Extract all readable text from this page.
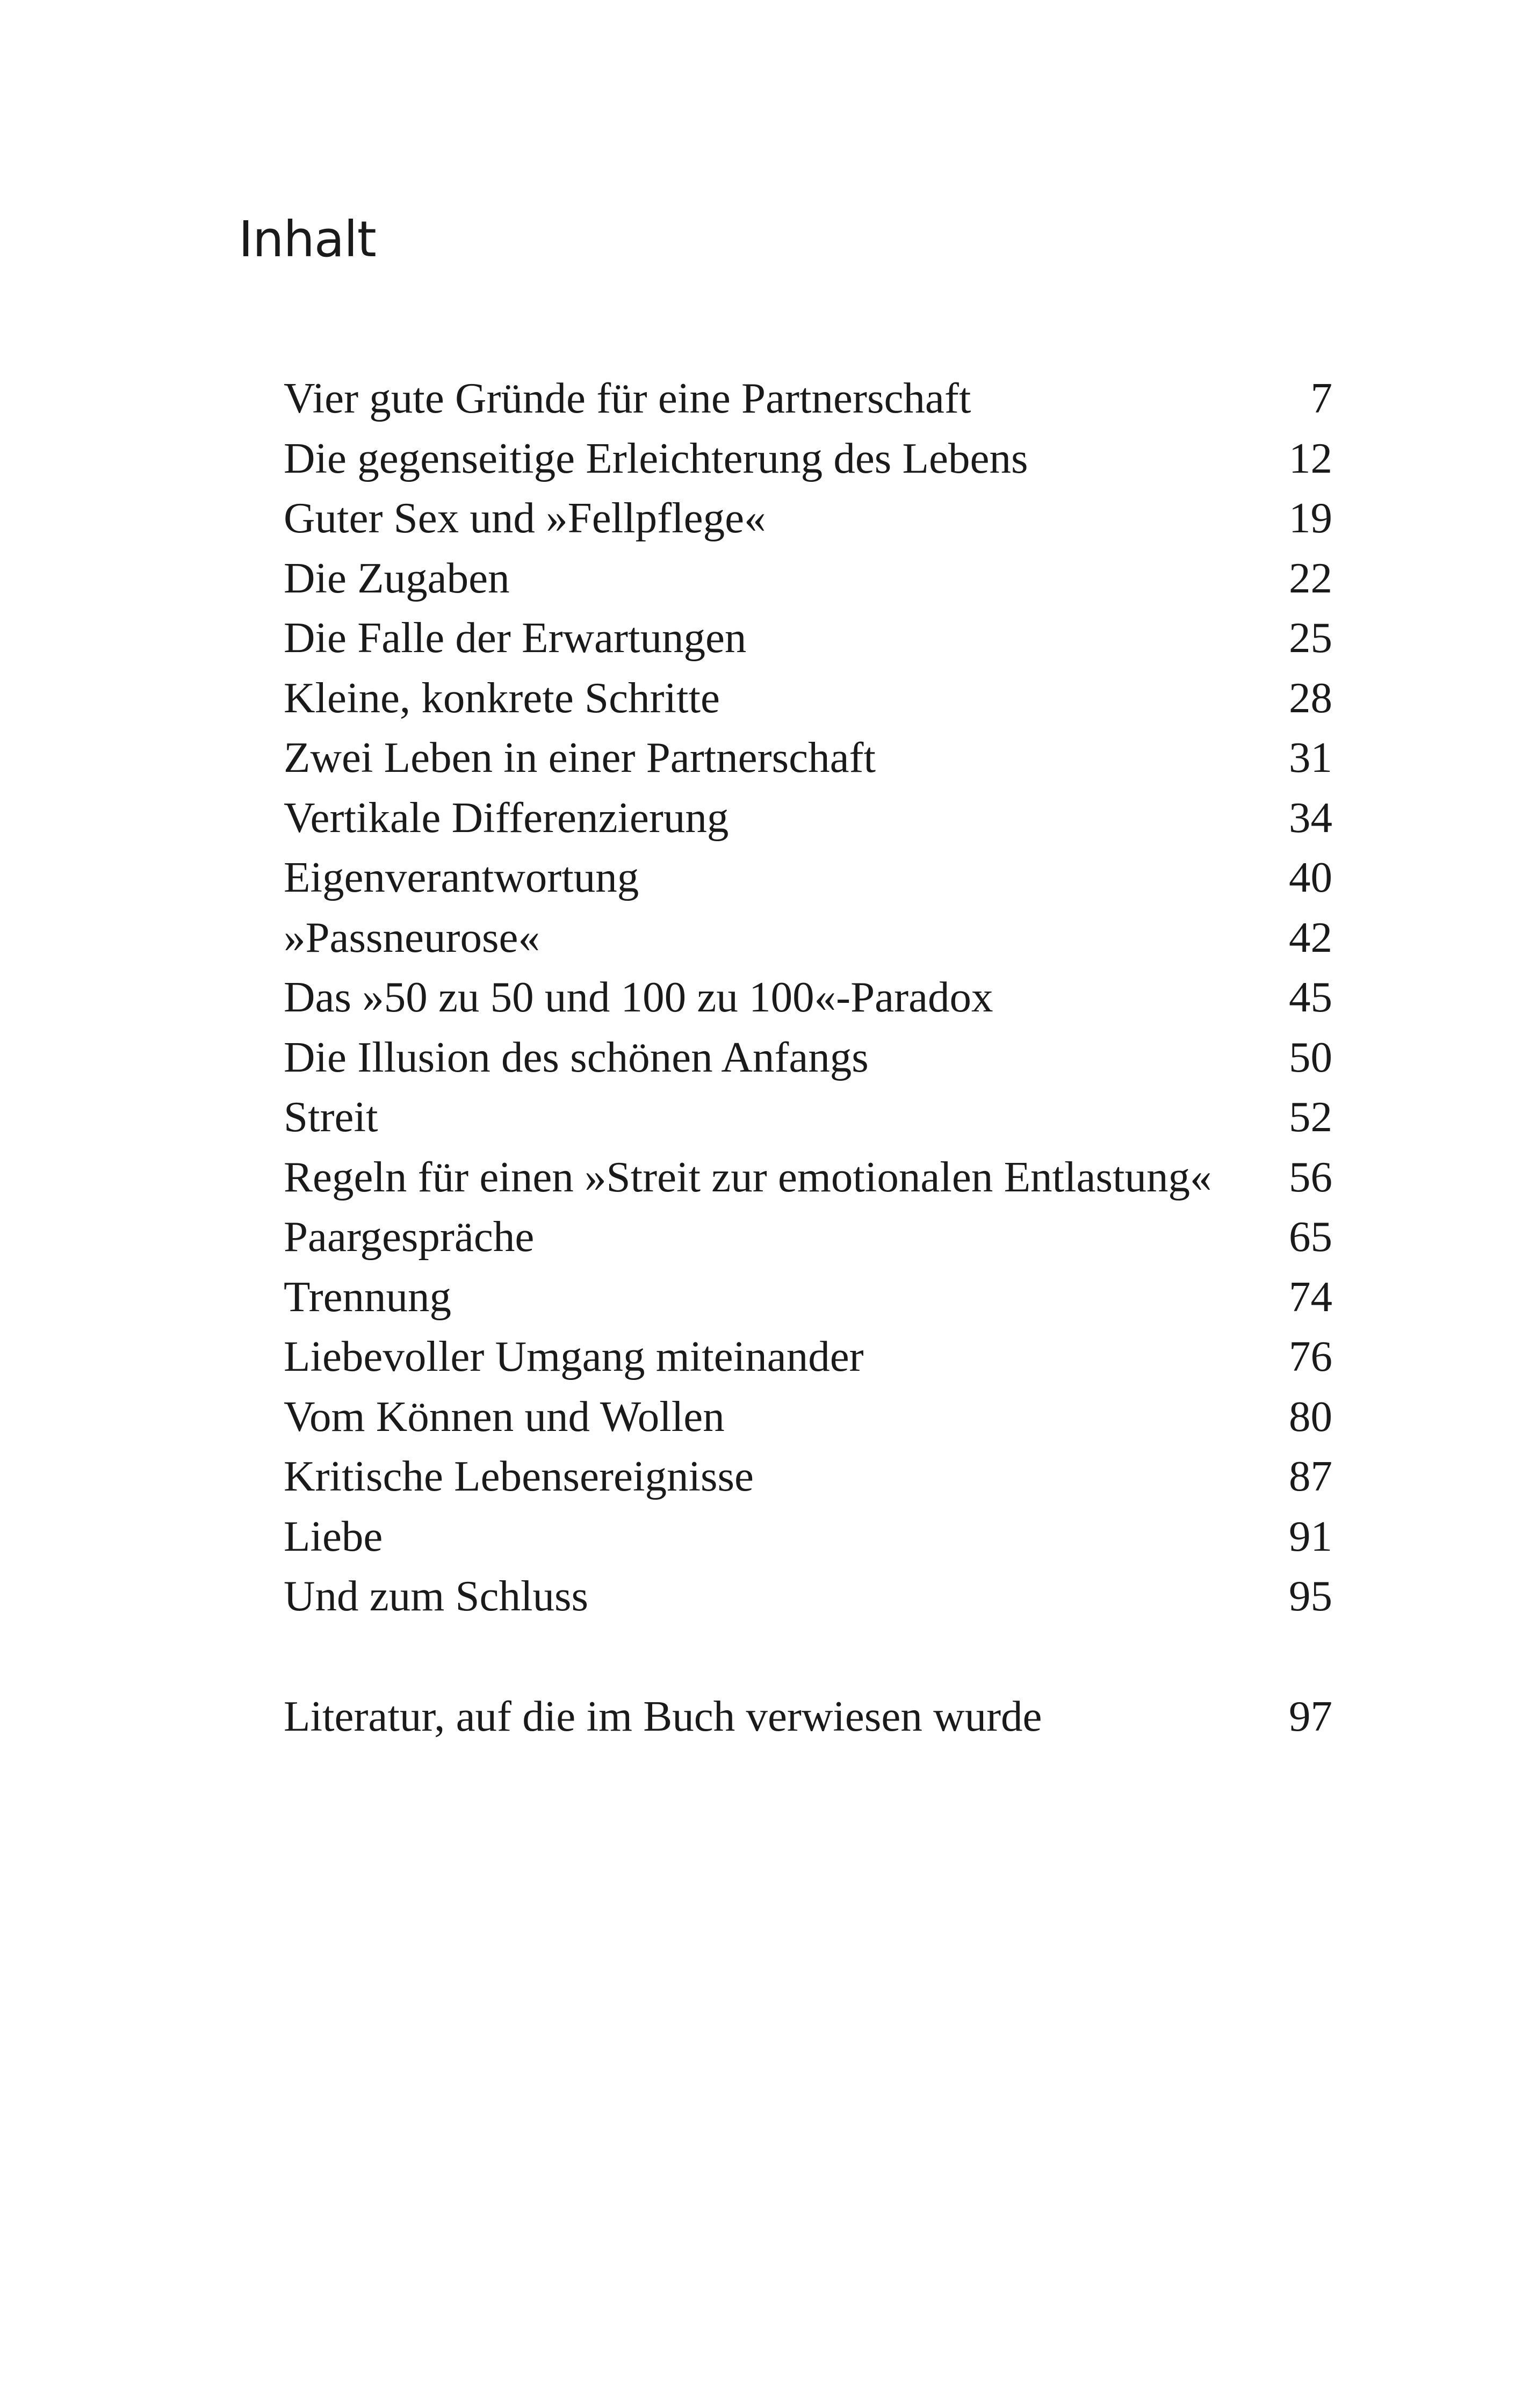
Inhalt
Vier gute Gründe für eine Partnerschaft	7
Die gegenseitige Erleichterung des Lebens	12
Guter Sex und »Fellpflege«	19
Die Zugaben	22
Die Falle der Erwartungen	25
Kleine, konkrete Schritte	28
Zwei Leben in einer Partnerschaft	31
Vertikale Differenzierung	34
Eigenverantwortung	40
»Passneurose«	42
Das »50 zu 50 und 100 zu 100«-Paradox	45
Die Illusion des schönen Anfangs	50
Streit	52
Regeln für einen »Streit zur emotionalen Entlastung«	56
Paargespräche	65
Trennung	74
Liebevoller Umgang miteinander	76
Vom Können und Wollen	80
Kritische Lebensereignisse	87
Liebe	91
Und zum Schluss	95
Literatur, auf die im Buch verwiesen wurde	97
